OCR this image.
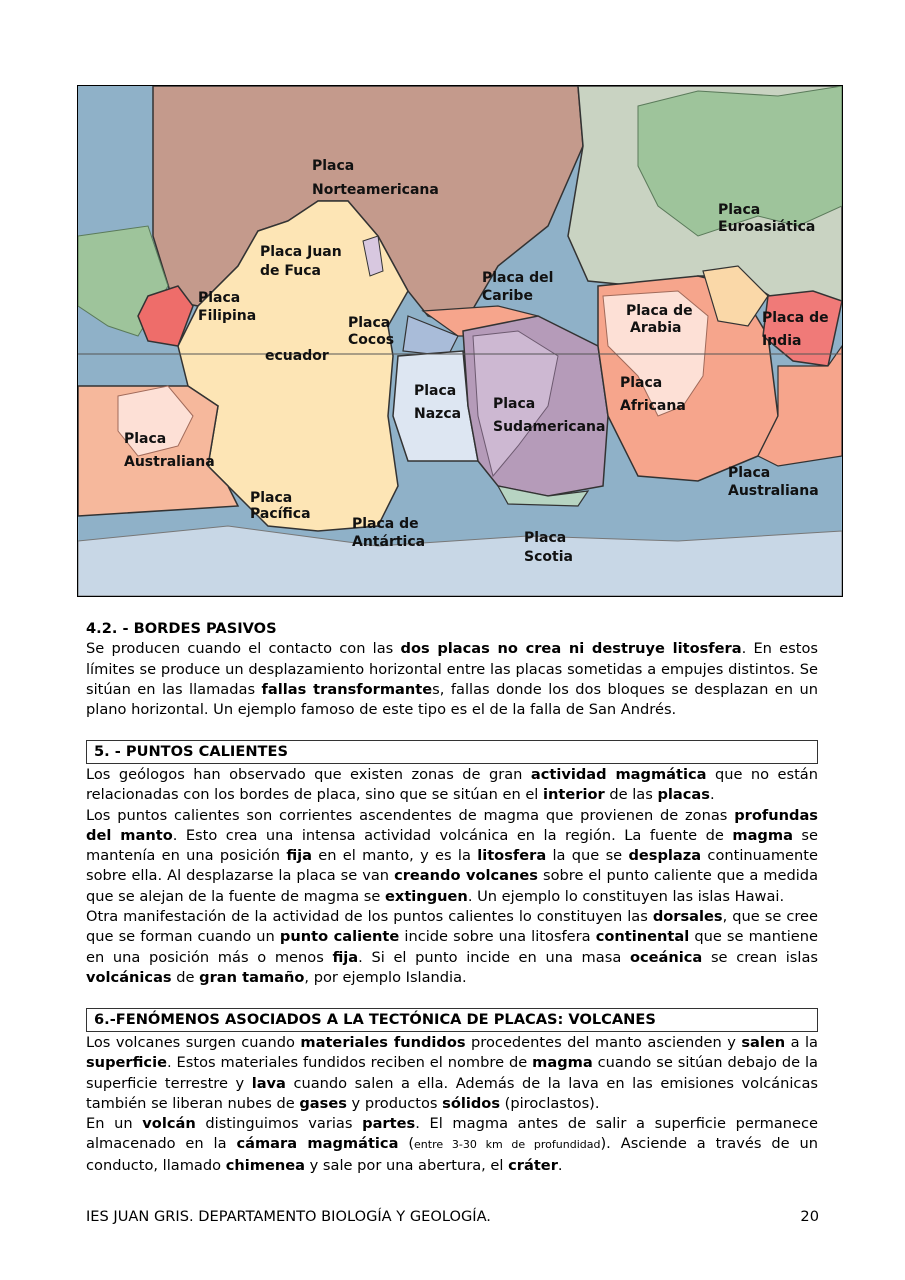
Placa
Norteamericana
Placa
Euroasiática
Placa Juan
de Fuca	Placa del
Caribe
Placa
Filipina	Placa
Cocos
Placa de
Arabia
Placa de
India
ecuador
Placa
Nazca
Placa
Sudamericana
Placa
Africana
Placa
Australiana
Placa
Australiana
Placa
Pacífica
Placa de
Antártica	Placa
Scotia

4.2. - BORDES PASIVOS

Se producen cuando el contacto con las dos placas no crea ni destruye litosfera. En estos límites se produce un desplazamiento horizontal entre las placas sometidas a empujes distintos. Se sitúan en las llamadas fallas transformantes, fallas donde los dos bloques se desplazan en un plano horizontal. Un ejemplo famoso de este tipo es el de la falla de San Andrés.

5. - PUNTOS CALIENTES

Los geólogos han observado que existen zonas de gran actividad magmática que no están relacionadas con los bordes de placa, sino que se sitúan en el interior de las placas.

Los puntos calientes son corrientes ascendentes de magma que provienen de zonas profundas del manto. Esto crea una intensa actividad volcánica en la región. La fuente de magma se mantenía en una posición fija en el manto, y es la litosfera la que se desplaza continuamente sobre ella. Al desplazarse la placa se van creando volcanes sobre el punto caliente que a medida que se alejan de la fuente de magma se extinguen. Un ejemplo lo constituyen las islas Hawai.

Otra manifestación de la actividad de los puntos calientes lo constituyen las dorsales, que se cree que se forman cuando un punto caliente incide sobre una litosfera continental que se mantiene en una posición más o menos fija. Si el punto incide en una masa oceánica se crean islas volcánicas de gran tamaño, por ejemplo Islandia.

6.-FENÓMENOS ASOCIADOS A LA TECTÓNICA DE PLACAS: VOLCANES

Los volcanes surgen cuando materiales fundidos procedentes del manto ascienden y salen a la superficie. Estos materiales fundidos reciben el nombre de magma cuando se sitúan debajo de la superficie terrestre y lava cuando salen a ella. Además de la lava en las emisiones volcánicas también se liberan nubes de gases y productos sólidos (piroclastos).

En un volcán distinguimos varias partes. El magma antes de salir a superficie permanece almacenado en la cámara magmática (entre 3-30 km de profundidad). Asciende a través de un conducto, llamado chimenea y sale por una abertura, el cráter.

IES JUAN GRIS. DEPARTAMENTO BIOLOGÍA Y GEOLOGÍA.	20
